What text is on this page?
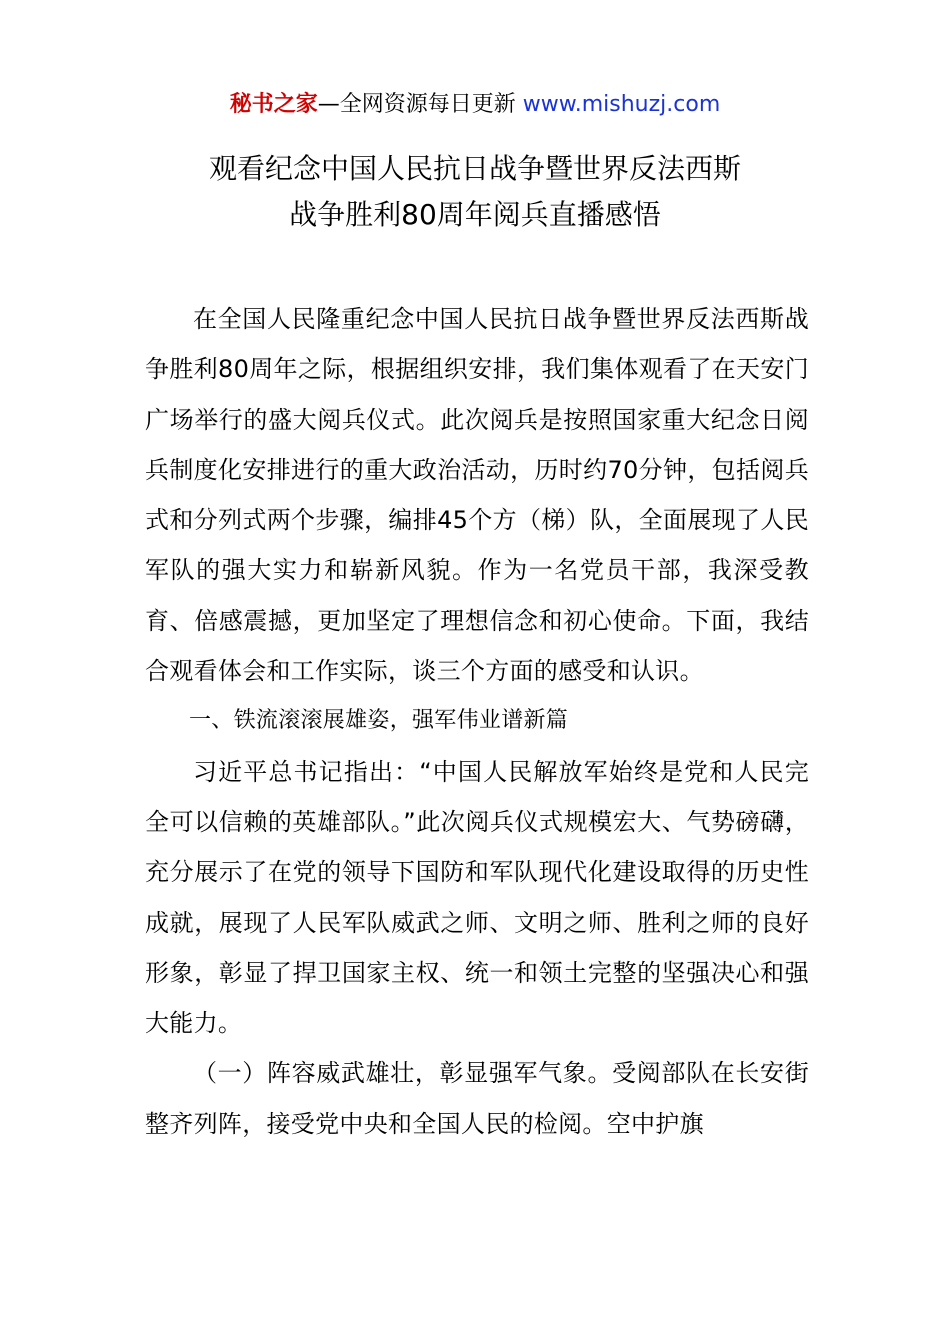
秘书之家—全网资源每日更新 www.mishuzj.com
观看纪念中国人民抗日战争暨世界反法西斯
战争胜利80周年阅兵直播感悟

在全国人民隆重纪念中国人民抗日战争暨世界反法西斯战争胜利80周年之际，根据组织安排，我们集体观看了在天安门广场举行的盛大阅兵仪式。此次阅兵是按照国家重大纪念日阅兵制度化安排进行的重大政治活动，历时约70分钟，包括阅兵式和分列式两个步骤，编排45个方（梯）队，全面展现了人民军队的强大实力和崭新风貌。作为一名党员干部，我深受教育、倍感震撼，更加坚定了理想信念和初心使命。下面，我结合观看体会和工作实际，谈三个方面的感受和认识。

一、铁流滚滚展雄姿，强军伟业谱新篇

习近平总书记指出：“中国人民解放军始终是党和人民完全可以信赖的英雄部队。”此次阅兵仪式规模宏大、气势磅礴，充分展示了在党的领导下国防和军队现代化建设取得的历史性成就，展现了人民军队威武之师、文明之师、胜利之师的良好形象，彰显了捍卫国家主权、统一和领土完整的坚强决心和强大能力。

（一）阵容威武雄壮，彰显强军气象。受阅部队在长安街整齐列阵，接受党中央和全国人民的检阅。空中护旗
